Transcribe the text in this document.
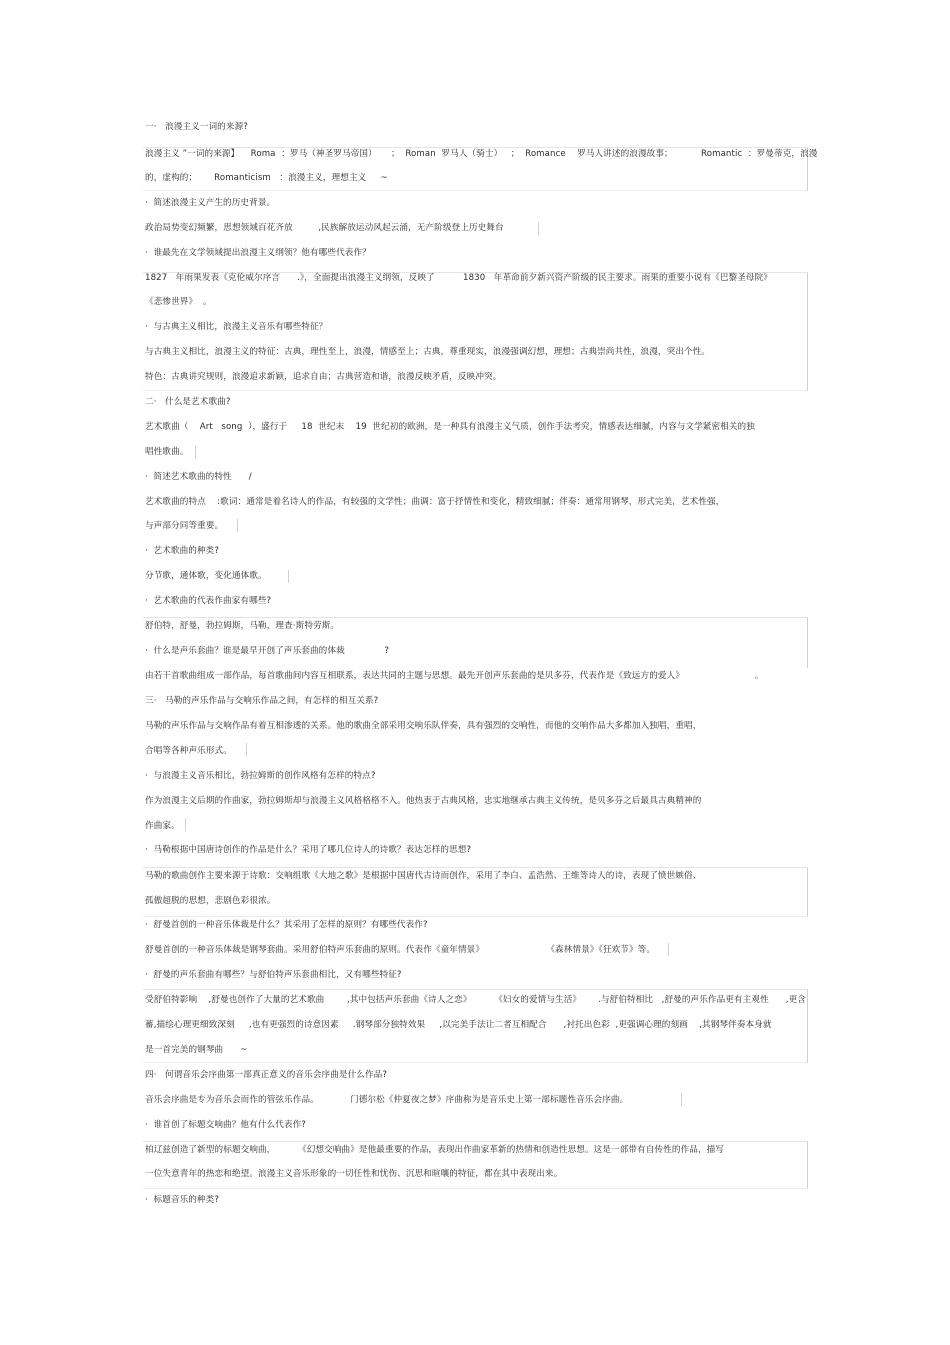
一·   浪漫主义一词的来源?
浪漫主义 ”一词的来源】    Roma  ：罗马（神圣罗马帝国）     ；  Roman  罗马人（骑士）   ；  Romance    罗马人讲述的浪漫故事；          Romantic  ：罗曼蒂克，浪漫
的，虚构的；      Romanticism   ：浪漫主义，理想主义     ~
·  简述浪漫主义产生的历史背景。
政治局势变幻频繁，思想领域百花齐放         ,民族解放运动风起云涌，无产阶级登上历史舞台
·  谁最先在文学领域提出浪漫主义纲领？他有哪些代表作？
1827   年雨果发表《克伦威尔序言      .》，全面提出浪漫主义纲领，反映了          1830   年革命前夕新兴资产阶级的民主要求。雨果的重要小说有《巴黎圣母院》
《悲惨世界》  。
·  与古典主义相比，浪漫主义音乐有哪些特征？
与古典主义相比，浪漫主义的特征：古典，理性至上，浪漫，情感至上；古典，尊重现实，浪漫强调幻想，理想；古典崇尚共性，浪漫，突出个性。
特色：古典讲究规则，浪漫追求新颖，追求自由；古典营造和谐，浪漫反映矛盾，反映冲突。
二·   什么是艺术歌曲?
艺术歌曲（    Art   song  ），盛行于     18  世纪末    19  世纪初的欧洲，是一种具有浪漫主义气质，创作手法考究，情感表达细腻，内容与文学紧密相关的独
唱性歌曲。
·  简述艺术歌曲的特性      /
艺术歌曲的特点    :歌词：通常是着名诗人的作品，有较强的文学性；曲调：富于抒情性和变化，精致细腻；伴奏：通常用钢琴，形式完美，艺术性强，
与声部分同等重要。
·  艺术歌曲的种类?
分节歌，通体歌，变化通体歌。
·  艺术歌曲的代表作曲家有哪些?
舒伯特，舒曼，勃拉姆斯，马勒，理查·斯特劳斯。
·  什么是声乐套曲？谁是最早开创了声乐套曲的体裁              ?
由若干首歌曲组成一部作品，每首歌曲间内容互相联系，表达共同的主题与思想。最先开创声乐套曲的是贝多芬，代表作是《致远方的爱人》                         。
三·   马勒的声乐作品与交响乐作品之间，有怎样的相互关系?
马勒的声乐作品与交响作品有着互相渗透的关系。他的歌曲全部采用交响乐队伴奏，具有强烈的交响性，而他的交响作品大多都加入独唱，重唱，
合唱等各种声乐形式。
·  与浪漫主义音乐相比，勃拉姆斯的创作风格有怎样的特点?
作为浪漫主义后期的作曲家，勃拉姆斯却与浪漫主义风格格格不入。他热衷于古典风格，忠实地继承古典主义传统，是贝多芬之后最具古典精神的
作曲家。
·  马勒根据中国唐诗创作的作品是什么？采用了哪几位诗人的诗歌？表达怎样的思想?
马勒的歌曲创作主要来源于诗歌：交响组歌《大地之歌》是根据中国唐代古诗而创作，采用了李白、孟浩然、王维等诗人的诗，表现了愤世嫉俗、
孤傲超脱的思想，悲剧色彩很浓。
·  舒曼首创的一种音乐体裁是什么？其采用了怎样的原则？有哪些代表作?
舒曼首创的一种音乐体裁是钢琴套曲。采用舒伯特声乐套曲的原则。代表作《童年情景》                      《森林情景》《狂欢节》等。
·  舒曼的声乐套曲有哪些？与舒伯特声乐套曲相比，又有哪些特征?
受舒伯特影响    ,舒曼也创作了大量的艺术歌曲        ,其中包括声乐套曲《诗人之恋》        《妇女的爱情与生活》      .与舒伯特相比   ,舒曼的声乐作品更有主观性      ,更含
蓄,描绘心理更细致深刻     ,也有更强烈的诗意因素     .钢琴部分独特效果     ,以完美手法让二者互相配合      ,衬托出色彩  ,更强调心理的刻画    ,其钢琴伴奏本身就
是一首完美的钢琴曲      ~
四·   何谓音乐会序曲第一部真正意义的音乐会序曲是什么作品?
音乐会序曲是专为音乐会而作的管弦乐作品。           门德尔松《仲夏夜之梦》序曲称为是音乐史上第一部标题性音乐会序曲。
·  谁首创了标题交响曲？他有什么代表作?
柏辽兹创造了新型的标题交响曲，        《幻想交响曲》是他最重要的作品，表现出作曲家革新的热情和创造性思想。这是一部带有自传性的作品，描写
一位失意青年的热恋和绝望。浪漫主义音乐形象的一切任性和忧伤、沉思和暄嚷的特征，都在其中表现出来。
·  标题音乐的种类?
